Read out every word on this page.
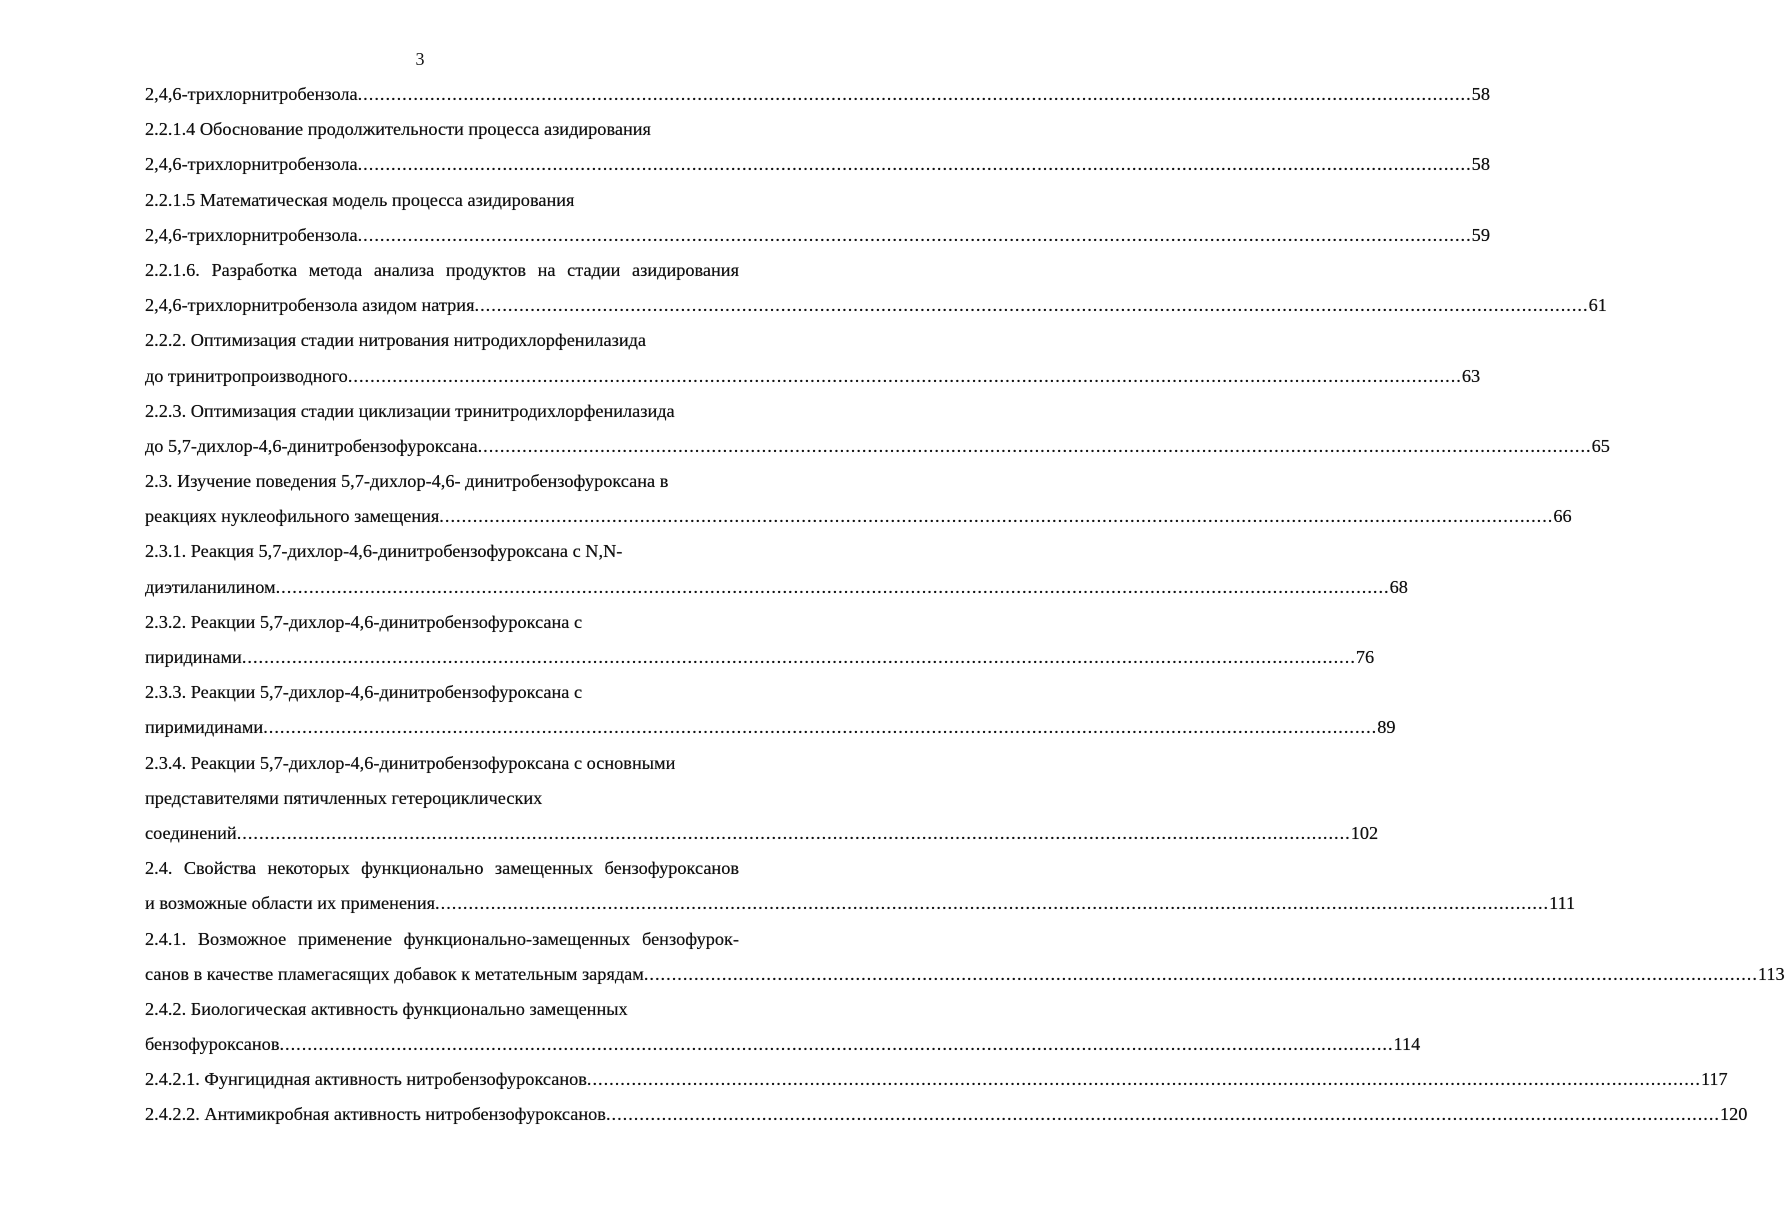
3
2,4,6-трихлорнитробензола ........................................................................................................................................................................................................ 58
2.2.1.4 Обоснование продолжительности процесса азидирования
2,4,6-трихлорнитробензола ........................................................................................................................................................................................................ 58
2.2.1.5 Математическая модель процесса азидирования
2,4,6-трихлорнитробензола ........................................................................................................................................................................................................ 59
2.2.1.6. Разработка метода анализа продуктов на стадии азидирования
2,4,6-трихлорнитробензола азидом натрия ........................................................................................................................................................................................................ 61
2.2.2. Оптимизация стадии нитрования нитродихлорфенилазида
до тринитропроизводного ........................................................................................................................................................................................................ 63
2.2.3. Оптимизация стадии циклизации тринитродихлорфенилазида
до 5,7-дихлор-4,6-динитробензофуроксана ........................................................................................................................................................................................................ 65
2.3. Изучение поведения 5,7-дихлор-4,6- динитробензофуроксана в
реакциях нуклеофильного замещения ........................................................................................................................................................................................................ 66
2.3.1. Реакция 5,7-дихлор-4,6-динитробензофуроксана с N,N-
диэтиланилином ........................................................................................................................................................................................................ 68
2.3.2. Реакции 5,7-дихлор-4,6-динитробензофуроксана с
пиридинами ........................................................................................................................................................................................................ 76
2.3.3. Реакции 5,7-дихлор-4,6-динитробензофуроксана с
пиримидинами ........................................................................................................................................................................................................ 89
2.3.4. Реакции 5,7-дихлор-4,6-динитробензофуроксана с основными
представителями пятичленных гетероциклических
соединений ........................................................................................................................................................................................................ 102
2.4. Свойства некоторых функционально замещенных бензофуроксанов
и возможные области их применения ........................................................................................................................................................................................................ 111
2.4.1. Возможное применение функционально-замещенных бензофурок-
санов в качестве пламегасящих добавок к метательным зарядам ........................................................................................................................................................................................................ 113
2.4.2. Биологическая активность функционально замещенных
бензофуроксанов ........................................................................................................................................................................................................ 114
2.4.2.1. Фунгицидная активность нитробензофуроксанов ........................................................................................................................................................................................................ 117
2.4.2.2. Антимикробная активность нитробензофуроксанов ........................................................................................................................................................................................................ 120
